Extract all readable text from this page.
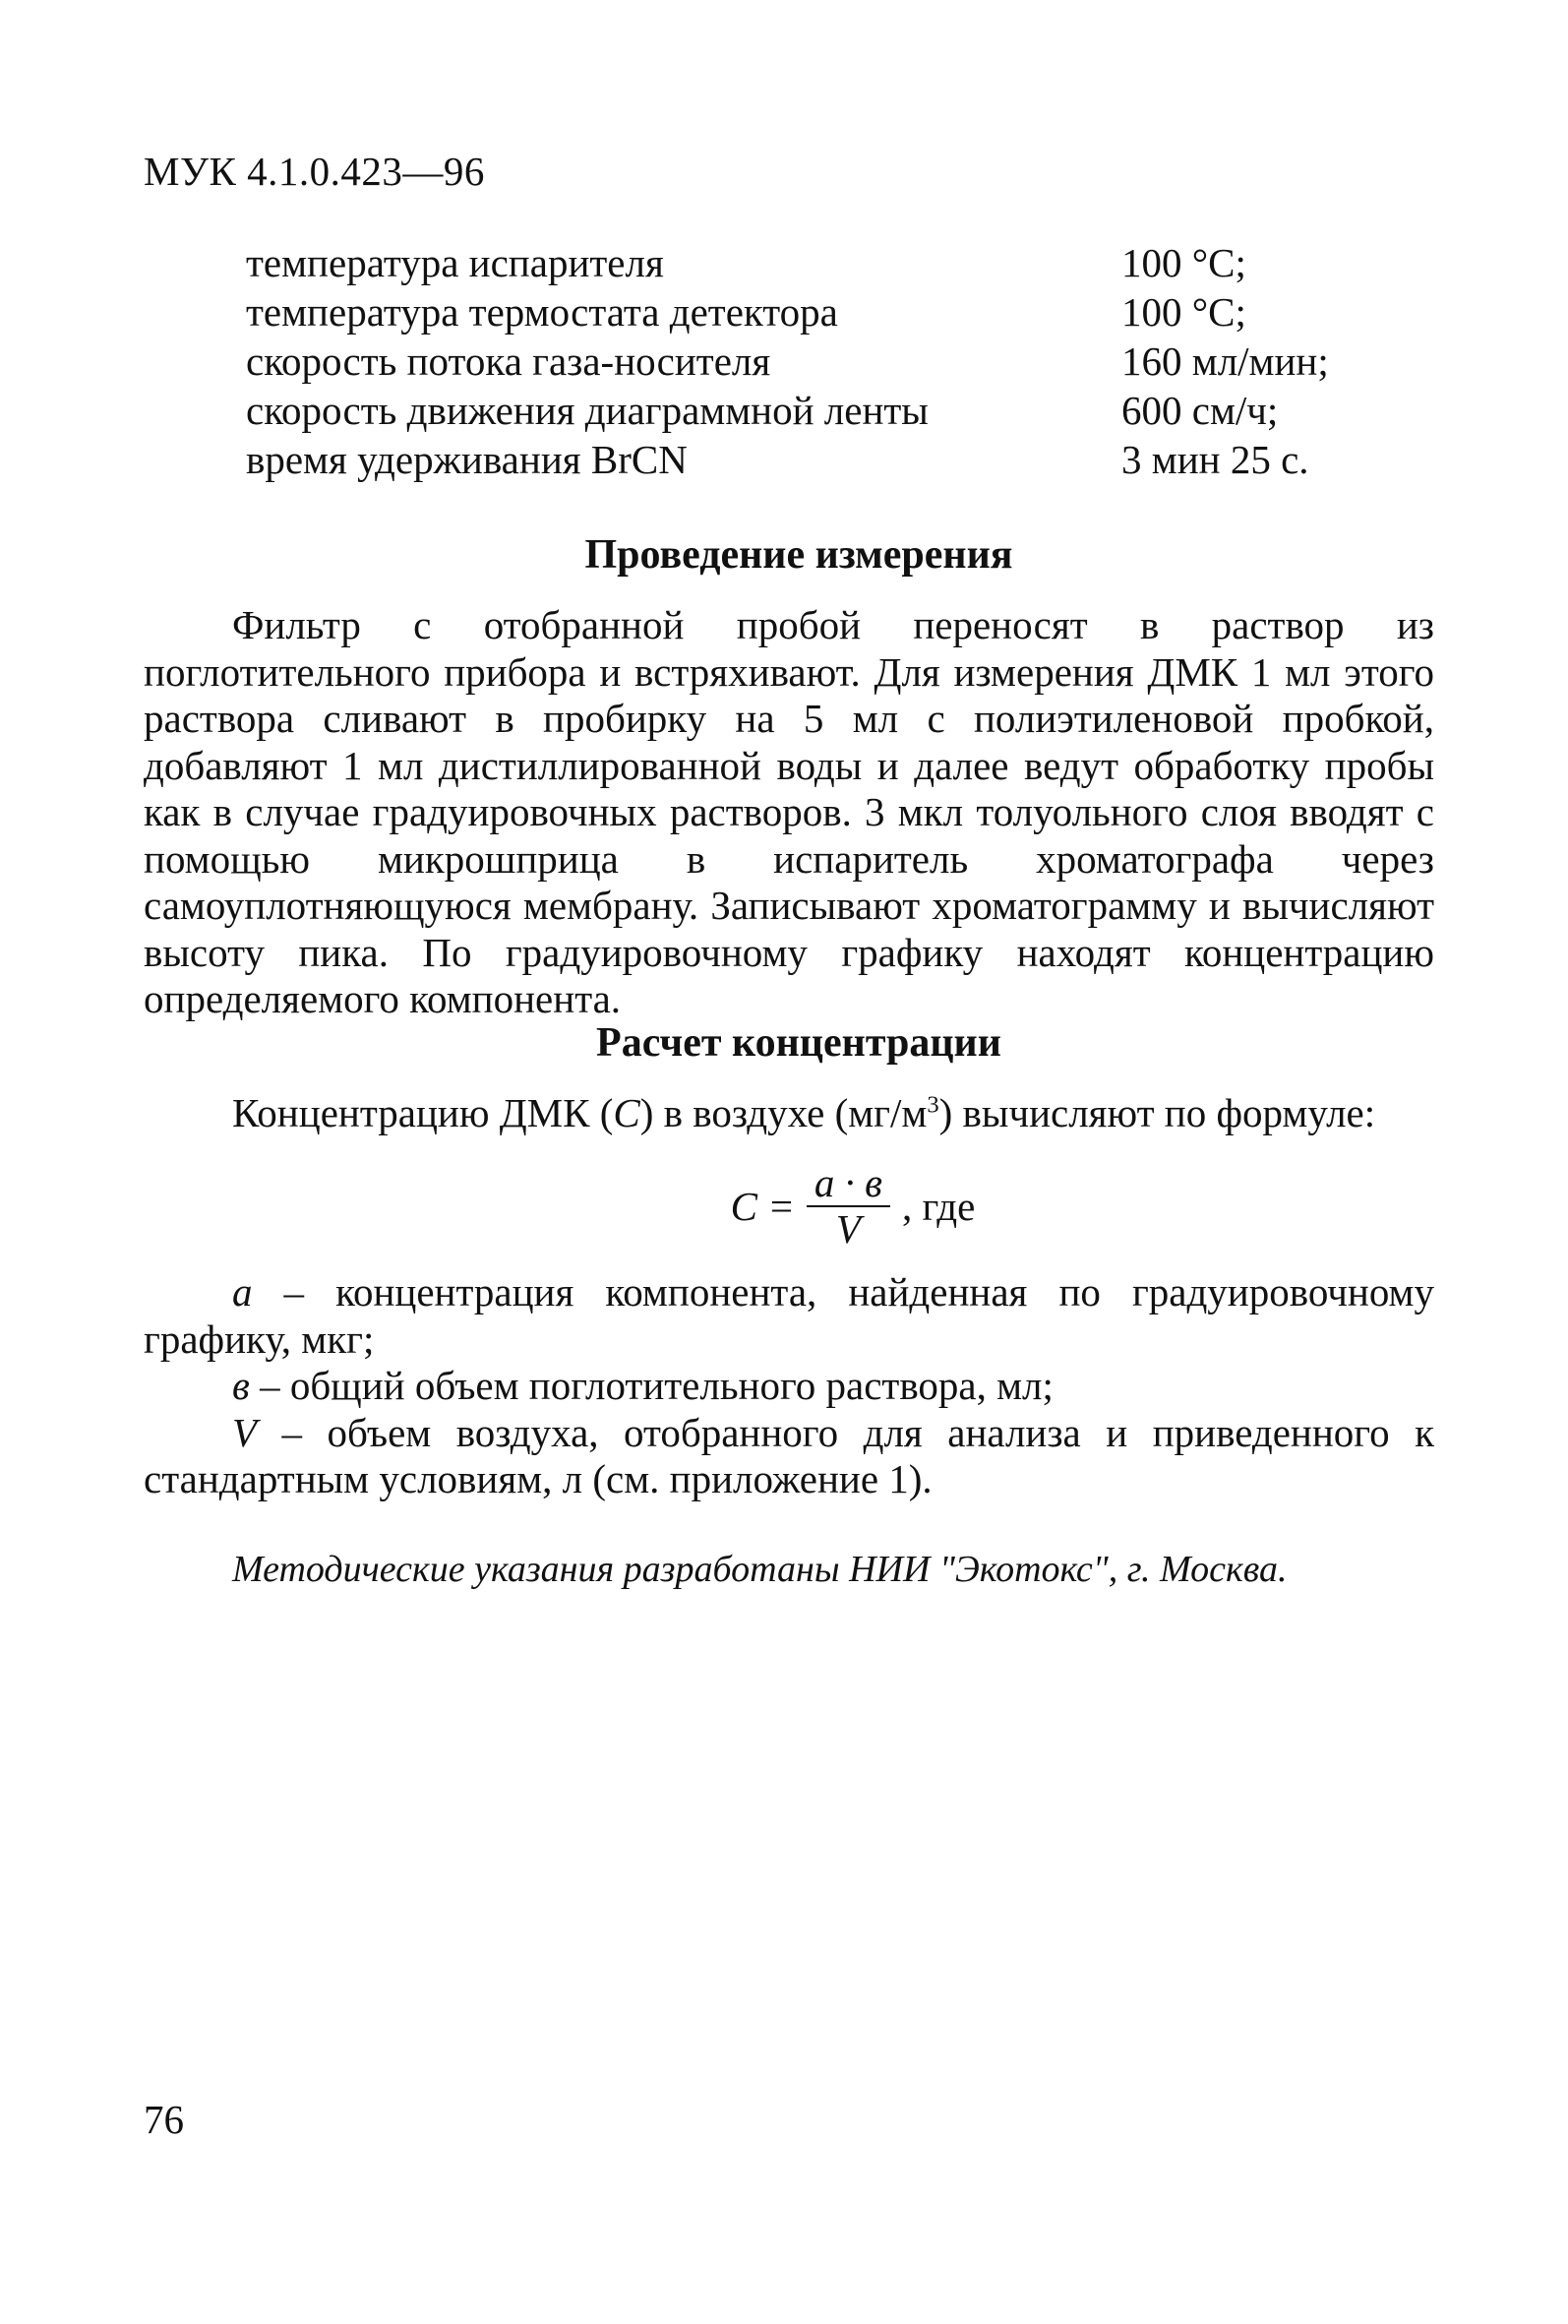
МУК 4.1.0.423—96
температура испарителя	100 °С;
температура термостата детектора	100 °С;
скорость потока газа-носителя	160 мл/мин;
скорость движения диаграммной ленты	600 см/ч;
время удерживания BrCN	3 мин 25 с.
Проведение измерения

Фильтр с отобранной пробой переносят в раствор из поглотительного прибора и встряхивают. Для измерения ДМК 1 мл этого раствора сливают в пробирку на 5 мл с полиэтиленовой пробкой, добавляют 1 мл дистиллированной воды и далее ведут обработку пробы как в случае градуировочных растворов. 3 мкл толуольного слоя вводят с помощью микрошприца в испаритель хроматографа через самоуплотняющуюся мембрану. Записывают хроматограмму и вычисляют высоту пика. По градуировочному графику находят концентрацию определяемого компонента.

Расчет концентрации

Концентрацию ДМК (С) в воздухе $(мг/м^3)$ вычисляют по формуле:

$С = \frac{а \cdot в}{V}$ , где

а – концентрация компонента, найденная по градуировочному графику, мкг;

в – общий объем поглотительного раствора, мл;

V – объем воздуха, отобранного для анализа и приведенного к стандартным условиям, л (см. приложение 1).

Методические указания разработаны НИИ "Экотокс", г. Москва.
76
